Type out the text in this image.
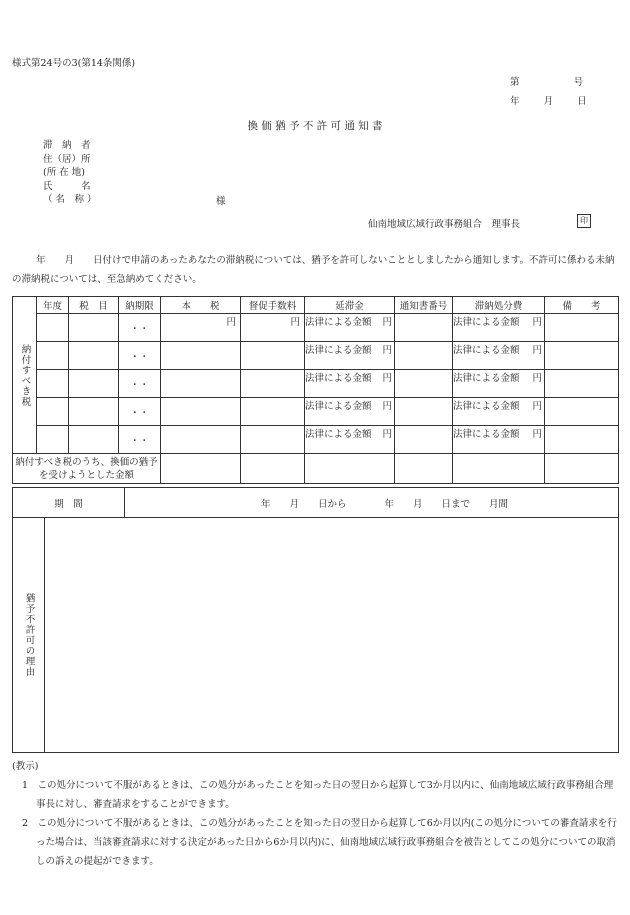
様式第24号の3(第14条関係)
第	号
年	月	日
換 価 猶 予 不 許 可 通 知 書
滞　納　者
住（居）所
(所 在 地)
氏　　　名
（ 名　称 ）	様
仙南地域広域行政事務組合　理事長	印
年　　月　　日付けで申請のあったあなたの滞納税については、猶予を許可しないこととしましたから通知します。不許可に係わる未納の滞納税については、至急納めてください。
納付すべき税	年度	税　目	納期限	本　　税	督促手数料	延滞金	通知書番号	滞納処分費	備　　考
			・・	円	円	法律による金額 円		法律による金額 円	

			・・			法律による金額 円		法律による金額 円	

			・・			法律による金額 円		法律による金額 円	

			・・			法律による金額 円		法律による金額 円	

			・・			法律による金額 円		法律による金額 円	

納付すべき税のうち、換価の猶予を受けようとした金額									
期　間	年　　月　　日から　　　　年　　月　　日まで　　月間
猶予不許可の理由

(教示)

1　この処分について不服があるときは、この処分があったことを知った日の翌日から起算して3か月以内に、仙南地域広域行政事務組合理事長に対し、審査請求をすることができます。

2　この処分について不服があるときは、この処分があったことを知った日の翌日から起算して6か月以内(この処分についての審査請求を行った場合は、当該審査請求に対する決定があった日から6か月以内)に、仙南地域広域行政事務組合を被告としてこの処分についての取消しの訴えの提起ができます。
